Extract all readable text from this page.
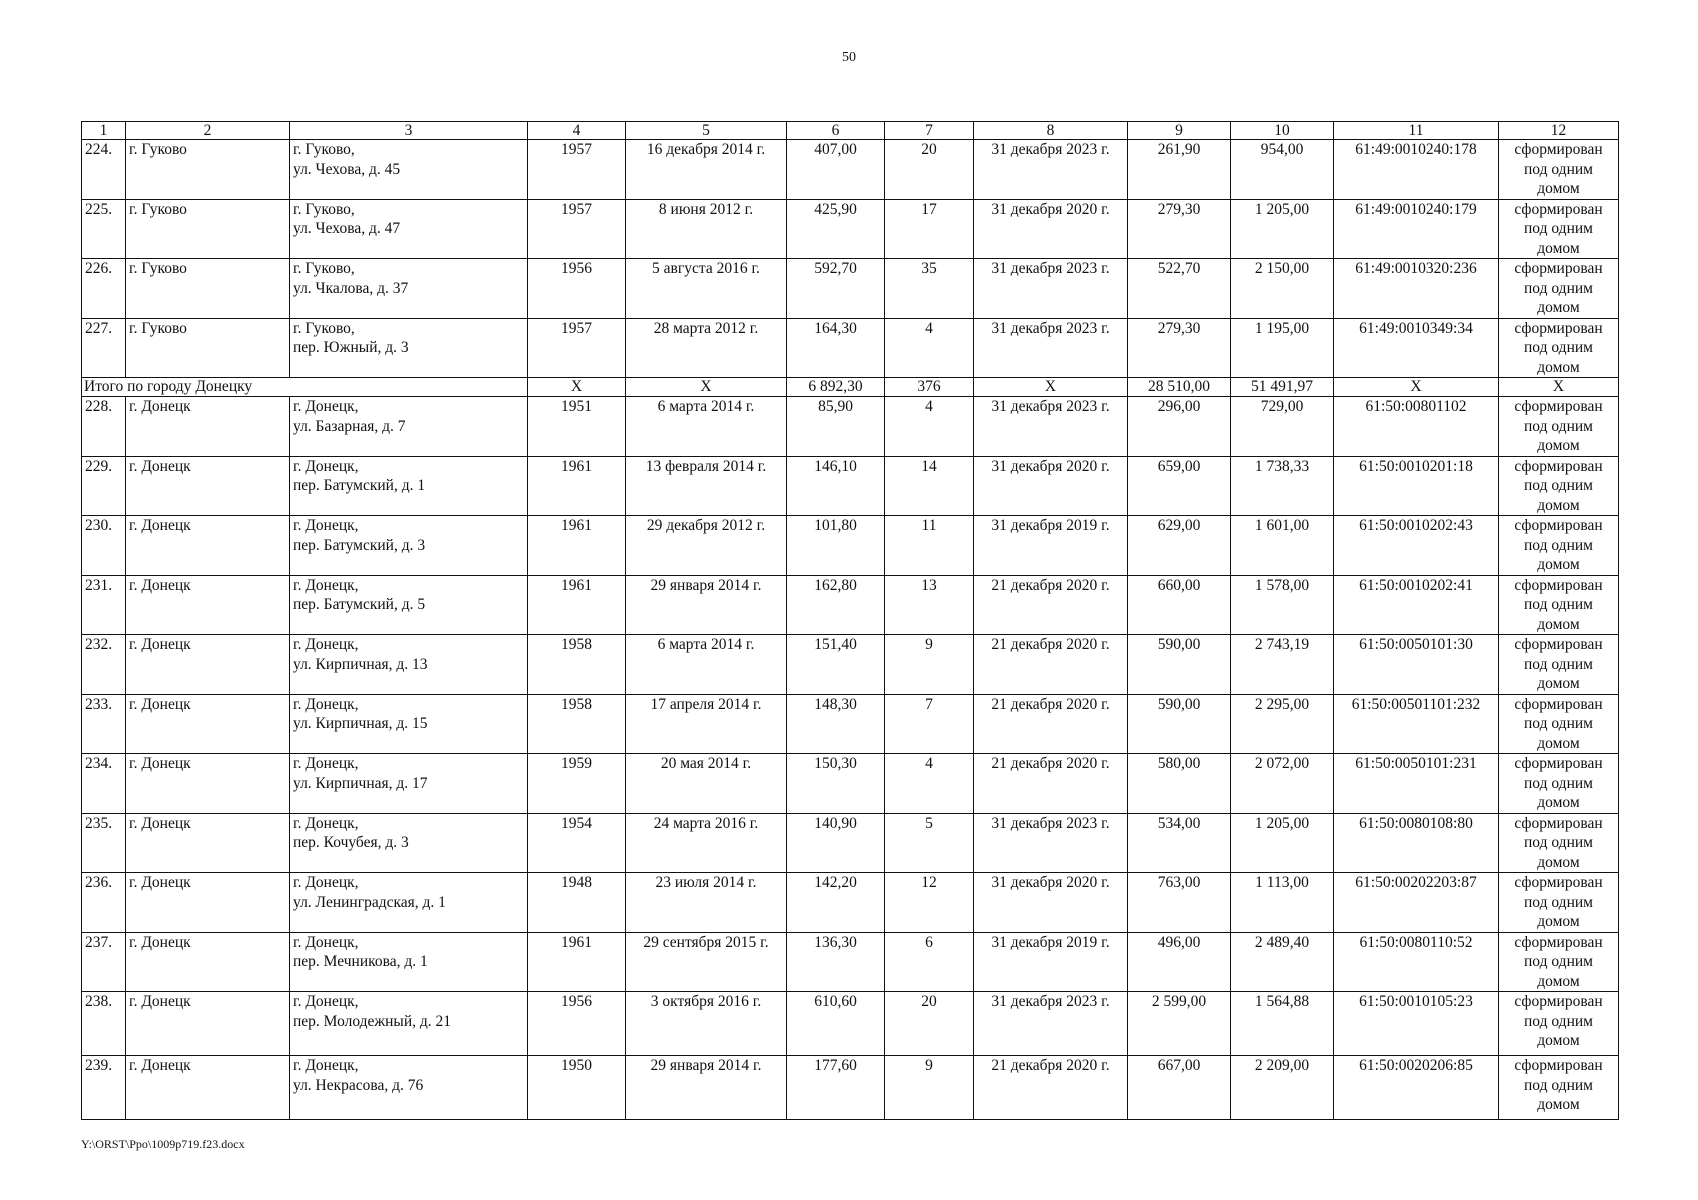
50
1	2	3	4	5	6	7	8	9	10	11	12
224.	г. Гуково	г. Гуково,
ул. Чехова, д. 45	1957	16 декабря 2014 г.	407,00	20	31 декабря 2023 г.	261,90	954,00	61:49:0010240:178	сформирован
под одним
домом

225.	г. Гуково	г. Гуково,
ул. Чехова, д. 47	1957	8 июня 2012 г.	425,90	17	31 декабря 2020 г.	279,30	1 205,00	61:49:0010240:179	сформирован
под одним
домом

226.	г. Гуково	г. Гуково,
ул. Чкалова, д. 37	1956	5 августа 2016 г.	592,70	35	31 декабря 2023 г.	522,70	2 150,00	61:49:0010320:236	сформирован
под одним
домом

227.	г. Гуково	г. Гуково,
пер. Южный, д. 3	1957	28 марта 2012 г.	164,30	4	31 декабря 2023 г.	279,30	1 195,00	61:49:0010349:34	сформирован
под одним
домом

Итого по городу Донецку			X	X	6 892,30	376	X	28 510,00	51 491,97	X	X
228.	г. Донецк	г. Донецк,
ул. Базарная, д. 7	1951	6 марта 2014 г.	85,90	4	31 декабря 2023 г.	296,00	729,00	61:50:00801102	сформирован
под одним
домом

229.	г. Донецк	г. Донецк,
пер. Батумский, д. 1	1961	13 февраля 2014 г.	146,10	14	31 декабря 2020 г.	659,00	1 738,33	61:50:0010201:18	сформирован
под одним
домом

230.	г. Донецк	г. Донецк,
пер. Батумский, д. 3	1961	29 декабря 2012 г.	101,80	11	31 декабря 2019 г.	629,00	1 601,00	61:50:0010202:43	сформирован
под одним
домом

231.	г. Донецк	г. Донецк,
пер. Батумский, д. 5	1961	29 января 2014 г.	162,80	13	21 декабря 2020 г.	660,00	1 578,00	61:50:0010202:41	сформирован
под одним
домом

232.	г. Донецк	г. Донецк,
ул. Кирпичная, д. 13	1958	6 марта 2014 г.	151,40	9	21 декабря 2020 г.	590,00	2 743,19	61:50:0050101:30	сформирован
под одним
домом

233.	г. Донецк	г. Донецк,
ул. Кирпичная, д. 15	1958	17 апреля 2014 г.	148,30	7	21 декабря 2020 г.	590,00	2 295,00	61:50:00501101:232	сформирован
под одним
домом

234.	г. Донецк	г. Донецк,
ул. Кирпичная, д. 17	1959	20 мая 2014 г.	150,30	4	21 декабря 2020 г.	580,00	2 072,00	61:50:0050101:231	сформирован
под одним
домом

235.	г. Донецк	г. Донецк,
пер. Кочубея, д. 3	1954	24 марта 2016 г.	140,90	5	31 декабря 2023 г.	534,00	1 205,00	61:50:0080108:80	сформирован
под одним
домом

236.	г. Донецк	г. Донецк,
ул. Ленинградская, д. 1	1948	23 июля 2014 г.	142,20	12	31 декабря 2020 г.	763,00	1 113,00	61:50:00202203:87	сформирован
под одним
домом

237.	г. Донецк	г. Донецк,
пер. Мечникова, д. 1	1961	29 сентября 2015 г.	136,30	6	31 декабря 2019 г.	496,00	2 489,40	61:50:0080110:52	сформирован
под одним
домом

238.	г. Донецк	г. Донецк,
пер. Молодежный, д. 21	1956	3 октября 2016 г.	610,60	20	31 декабря 2023 г.	2 599,00	1 564,88	61:50:0010105:23	сформирован
под одним
домом

239.	г. Донецк	г. Донецк,
ул. Некрасова, д. 76	1950	29 января 2014 г.	177,60	9	21 декабря 2020 г.	667,00	2 209,00	61:50:0020206:85	сформирован
под одним
домом
Y:\ORST\Ppo\1009p719.f23.docx
